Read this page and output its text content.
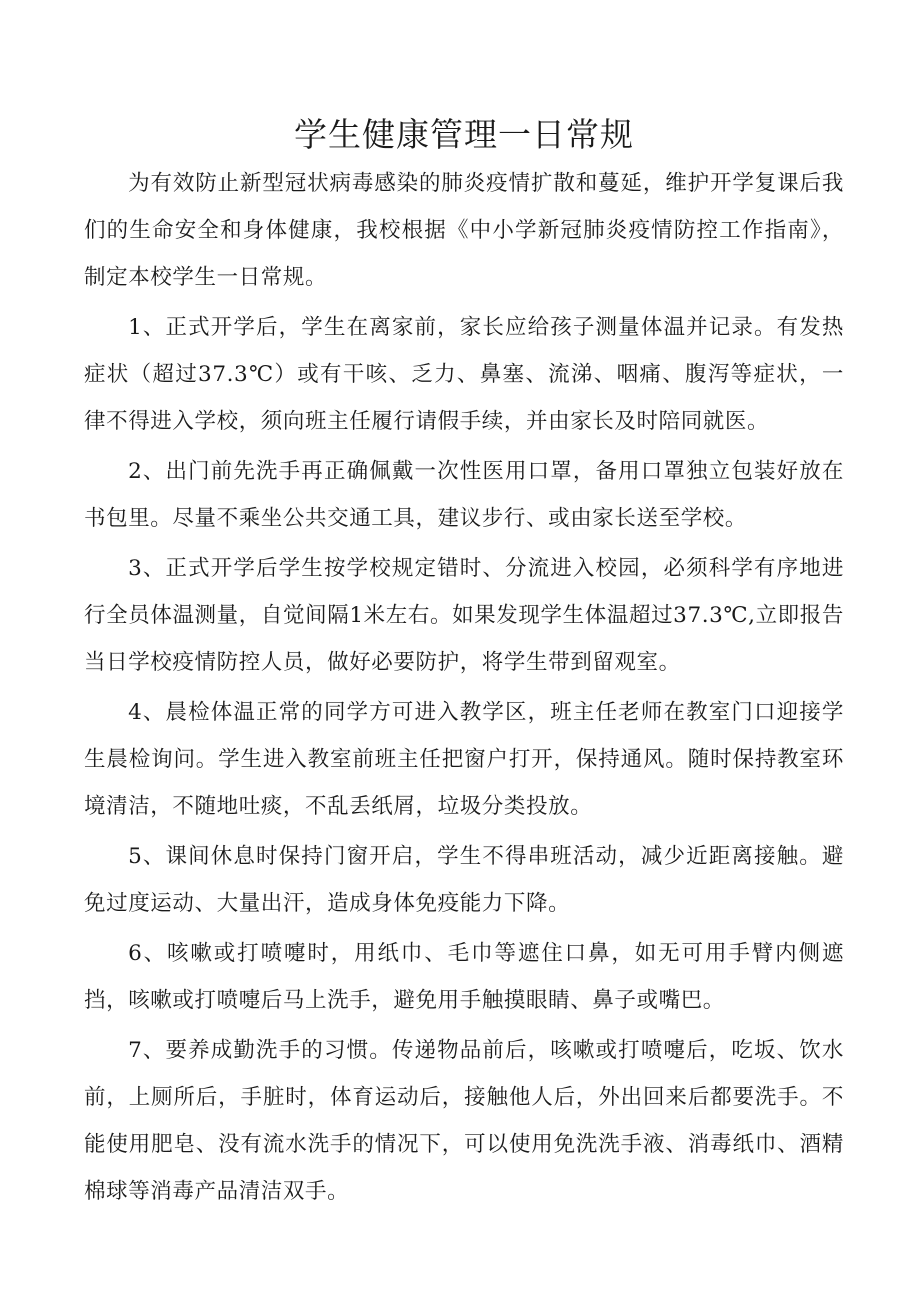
学生健康管理一日常规

为有效防止新型冠状病毒感染的肺炎疫情扩散和蔓延，维护开学复课后我们的生命安全和身体健康，我校根据《中小学新冠肺炎疫情防控工作指南》，制定本校学生一日常规。

1、正式开学后，学生在离家前，家长应给孩子测量体温并记录。有发热症状（超过37.3℃）或有干咳、乏力、鼻塞、流涕、咽痛、腹泻等症状，一律不得进入学校，须向班主任履行请假手续，并由家长及时陪同就医。

2、出门前先洗手再正确佩戴一次性医用口罩，备用口罩独立包装好放在书包里。尽量不乘坐公共交通工具，建议步行、或由家长送至学校。

3、正式开学后学生按学校规定错时、分流进入校园，必须科学有序地进行全员体温测量，自觉间隔1米左右。如果发现学生体温超过37.3℃,立即报告当日学校疫情防控人员，做好必要防护，将学生带到留观室。

4、晨检体温正常的同学方可进入教学区，班主任老师在教室门口迎接学生晨检询问。学生进入教室前班主任把窗户打开，保持通风。随时保持教室环境清洁，不随地吐痰，不乱丢纸屑，垃圾分类投放。

5、课间休息时保持门窗开启，学生不得串班活动，减少近距离接触。避免过度运动、大量出汗，造成身体免疫能力下降。

6、咳嗽或打喷嚏时，用纸巾、毛巾等遮住口鼻，如无可用手臂内侧遮挡，咳嗽或打喷嚏后马上洗手，避免用手触摸眼睛、鼻子或嘴巴。

7、要养成勤洗手的习惯。传递物品前后，咳嗽或打喷嚏后，吃坂、饮水前，上厕所后，手脏时，体育运动后，接触他人后，外出回来后都要洗手。不能使用肥皂、没有流水洗手的情况下，可以使用免洗洗手液、消毒纸巾、酒精棉球等消毒产品清洁双手。
